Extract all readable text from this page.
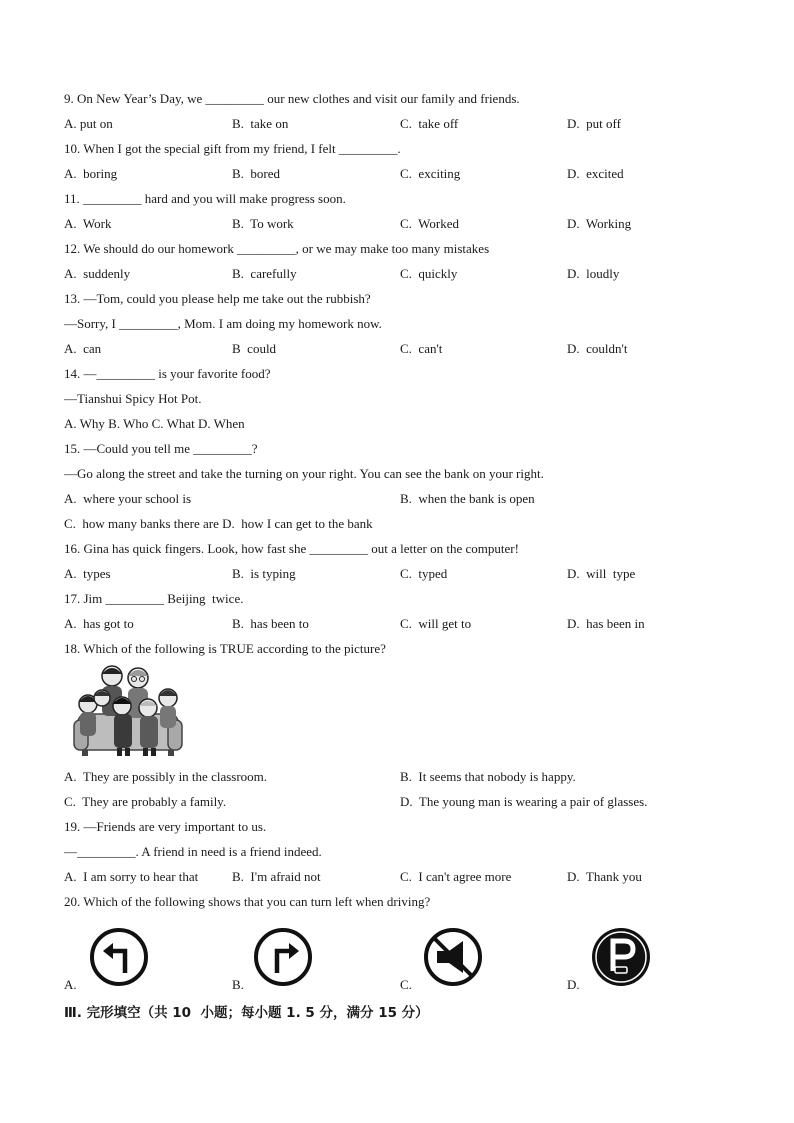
9. On New Year’s Day, we _________ our new clothes and visit our family and friends.
A. put on	B.  take on	C.  take off	D.  put off
10. When I got the special gift from my friend, I felt _________.
A.  boring	B.  bored	C.  exciting	D.  excited
11. _________ hard and you will make progress soon.
A.  Work	B.  To work	C.  Worked	D.  Working
12. We should do our homework _________, or we may make too many mistakes
A.  suddenly	B.  carefully	C.  quickly	D.  loudly
13. —Tom, could you please help me take out the rubbish?
—Sorry, I _________, Mom. I am doing my homework now.
A.  can	B  could	C.  can't	D.  couldn't
14. —_________ is your favorite food?
—Tianshui Spicy Hot Pot.
A. Why B. Who C. What D. When
15. —Could you tell me _________?
—Go along the street and take the turning on your right. You can see the bank on your right.
A.  where your school is	B.  when the bank is open
C.  how many banks there are D.  how I can get to the bank
16. Gina has quick fingers. Look, how fast she _________ out a letter on the computer!
A.  types	B.  is typing	C.  typed	D.  will  type
17. Jim _________ Beijing  twice.
A.  has got to	B.  has been to	C.  will get to	D.  has been in
18. Which of the following is TRUE according to the picture?
A.  They are possibly in the classroom.	B.  It seems that nobody is happy.
C.  They are probably a family.	D.  The young man is wearing a pair of glasses.
19. —Friends are very important to us.
—_________. A friend in need is a friend indeed.
A.  I am sorry to hear that	B.  I'm afraid not	C.  I can't agree more	D.  Thank you
20. Which of the following shows that you can turn left when driving?
A.	B.	C.	D.
Ⅲ. 完形填空（共 10  小题；每小题 1. 5 分，满分 15 分）
